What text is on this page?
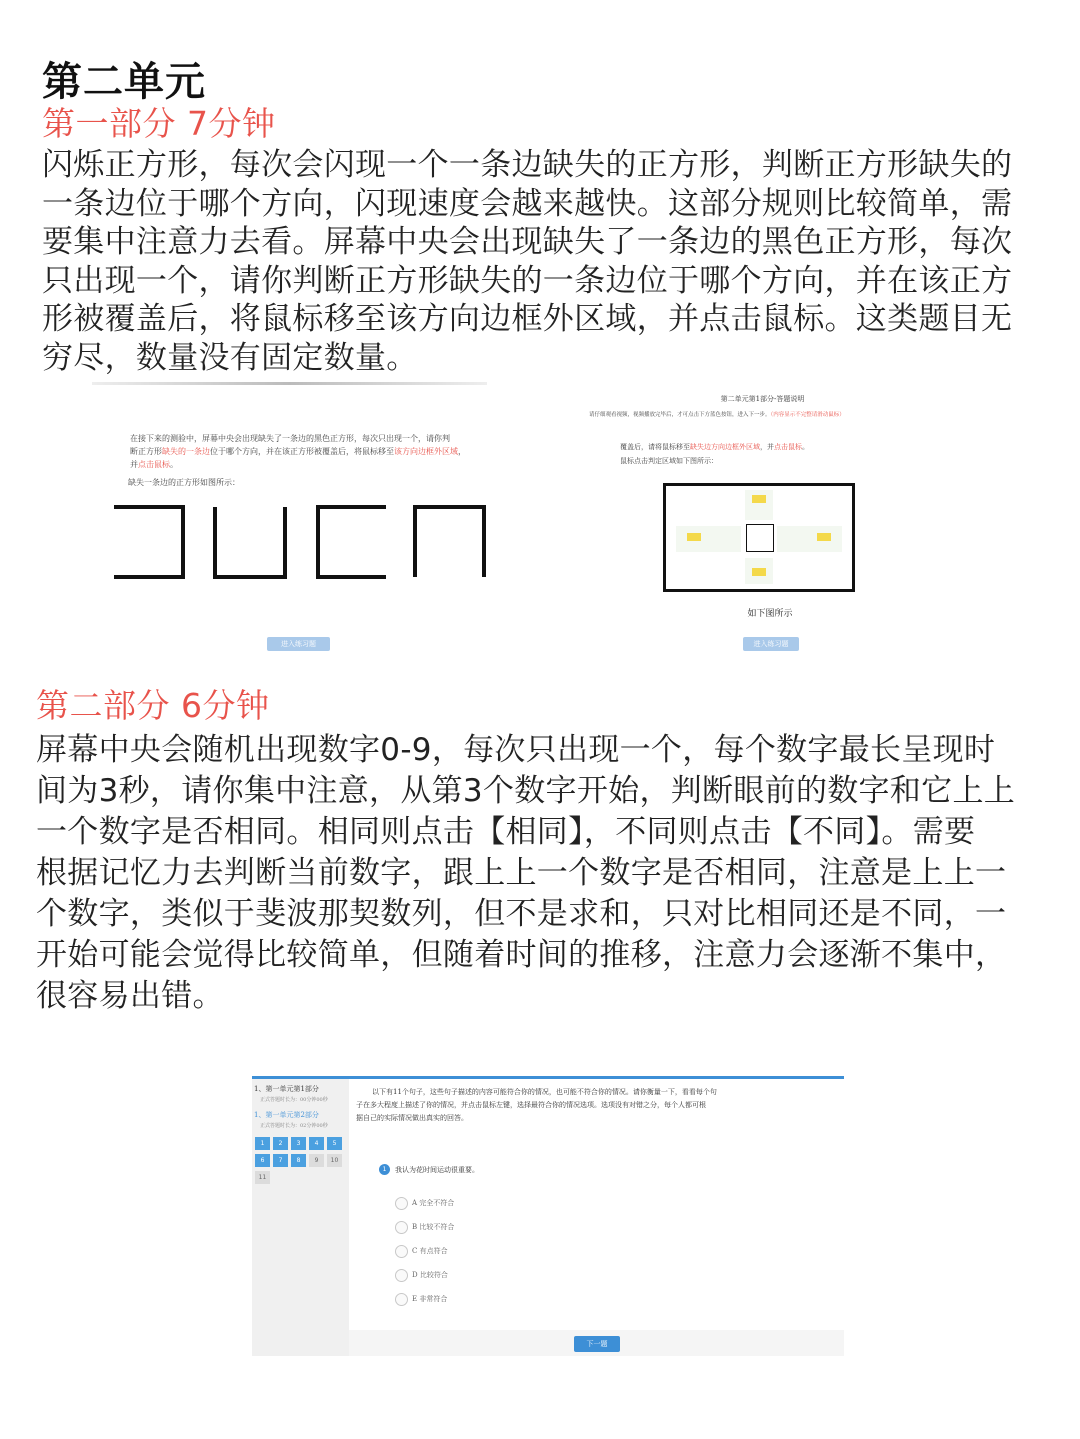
第二单元
第一部分 7分钟
闪烁正方形，每次会闪现一个一条边缺失的正方形，判断正方形缺失的
一条边位于哪个方向，闪现速度会越来越快。这部分规则比较简单，需
要集中注意力去看。屏幕中央会出现缺失了一条边的黑色正方形，每次
只出现一个，请你判断正方形缺失的一条边位于哪个方向，并在该正方
形被覆盖后，将鼠标移至该方向边框外区域，并点击鼠标。这类题目无
穷尽，数量没有固定数量。
在接下来的测验中，屏幕中央会出现缺失了一条边的黑色正方形，每次只出现一个，请你判
断正方形缺失的一条边位于哪个方向，并在该正方形被覆盖后，将鼠标移至该方向边框外区域，
并点击鼠标。
缺失一条边的正方形如图所示：
进入练习题
第二单元第1部分-答题说明
请仔细观看视频，视频播放完毕后，才可点击下方蓝色按钮，进入下一步。（内容显示不完整请滑动鼠标）
覆盖后，请将鼠标移至缺失边方向边框外区域，并点击鼠标。
鼠标点击判定区域如下图所示：
如下图所示
进入练习题
第二部分 6分钟
屏幕中央会随机出现数字0-9，每次只出现一个，每个数字最长呈现时
间为3秒，请你集中注意，从第3个数字开始，判断眼前的数字和它上上
一个数字是否相同。相同则点击【相同】，不同则点击【不同】。需要
根据记忆力去判断当前数字，跟上上一个数字是否相同，注意是上上一
个数字，类似于斐波那契数列，但不是求和，只对比相同还是不同，一
开始可能会觉得比较简单，但随着时间的推移，注意力会逐渐不集中，
很容易出错。
1、第一单元第1部分
正式答题时长为：00分钟00秒
1、第一单元第2部分
正式答题时长为：02分钟00秒
1	2	3	4	5
6	7	8	9	10
11
以下有11个句子，这些句子描述的内容可能符合你的情况，也可能不符合你的情况。请你衡量一下，看看每个句
子在多大程度上描述了你的情况，并点击鼠标左键，选择最符合你的情况选项。选项没有对错之分，每个人都可根
据自己的实际情况做出真实的回答。
1	我认为花时间运动很重要。
A 完全不符合
B 比较不符合
C 有点符合
D 比较符合
E 非常符合
下一题
